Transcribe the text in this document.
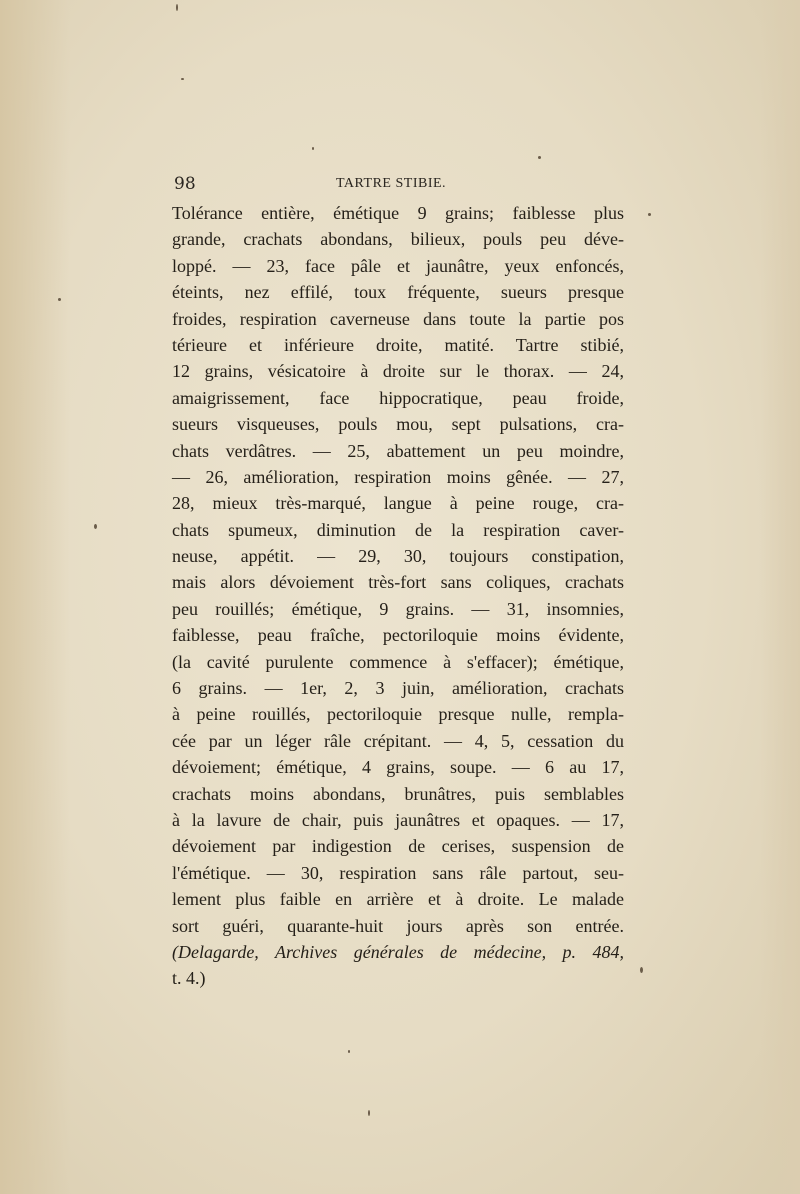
98	TARTRE STIBIE.
Tolérance entière, émétique 9 grains; faiblesse plus
grande, crachats abondans, bilieux, pouls peu déve-
loppé. — 23, face pâle et jaunâtre, yeux enfoncés,
éteints, nez effilé, toux fréquente, sueurs presque
froides, respiration caverneuse dans toute la partie pos
térieure et inférieure droite, matité. Tartre stibié,
12 grains, vésicatoire à droite sur le thorax. — 24,
amaigrissement, face hippocratique, peau froide,
sueurs visqueuses, pouls mou, sept pulsations, cra-
chats verdâtres. — 25, abattement un peu moindre,
— 26, amélioration, respiration moins gênée. — 27,
28, mieux très-marqué, langue à peine rouge, cra-
chats spumeux, diminution de la respiration caver-
neuse, appétit. — 29, 30, toujours constipation,
mais alors dévoiement très-fort sans coliques, crachats
peu rouillés; émétique, 9 grains. — 31, insomnies,
faiblesse, peau fraîche, pectoriloquie moins évidente,
(la cavité purulente commence à s'effacer); émétique,
6 grains. — 1er, 2, 3 juin, amélioration, crachats
à peine rouillés, pectoriloquie presque nulle, rempla-
cée par un léger râle crépitant. — 4, 5, cessation du
dévoiement; émétique, 4 grains, soupe. — 6 au 17,
crachats moins abondans, brunâtres, puis semblables
à la lavure de chair, puis jaunâtres et opaques. — 17,
dévoiement par indigestion de cerises, suspension de
l'émétique. — 30, respiration sans râle partout, seu-
lement plus faible en arrière et à droite. Le malade
sort guéri, quarante-huit jours après son entrée.
(Delagarde, Archives générales de médecine, p. 484,
t. 4.)
